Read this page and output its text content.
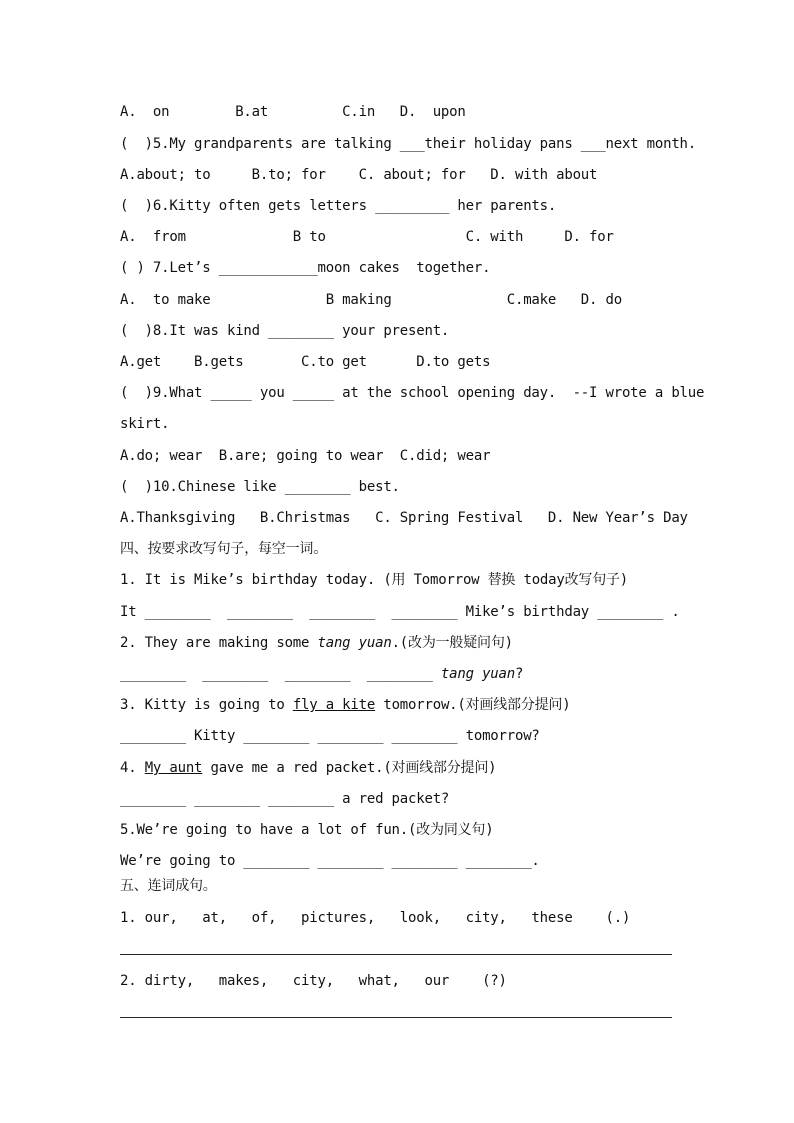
A.  on        B.at         C.in   D.  upon
(  )5.My grandparents are talking ___their holiday pans ___next month.
A.about; to     B.to; for    C. about; for   D. with about
(  )6.Kitty often gets letters _________ her parents.
A.  from             B to                 C. with     D. for
( ) 7.Let’s ____________moon cakes  together.
A.  to make              B making              C.make   D. do
(  )8.It was kind ________ your present.
A.get    B.gets       C.to get      D.to gets
(  )9.What _____ you _____ at the school opening day.  --I wrote a blue
skirt.
A.do; wear  B.are; going to wear  C.did; wear
(  )10.Chinese like ________ best.
A.Thanksgiving   B.Christmas   C. Spring Festival   D. New Year’s Day
四、按要求改写句子，每空一词。
1. It is Mike’s birthday today. (用 Tomorrow 替换 today改写句子)
It ________  ________  ________  ________ Mike’s birthday ________ .
2. They are making some tang yuan.(改为一般疑问句)
________  ________  ________  ________ tang yuan?
3. Kitty is going to fly a kite tomorrow.(对画线部分提问)
________ Kitty ________ ________ ________ tomorrow?
4. My aunt gave me a red packet.(对画线部分提问)
________ ________ ________ a red packet?
5.We’re going to have a lot of fun.(改为同义句)
We’re going to ________ ________ ________ ________.
五、连词成句。
1. our,   at,   of,   pictures,   look,   city,   these    (.)
2. dirty,   makes,   city,   what,   our    (?)
